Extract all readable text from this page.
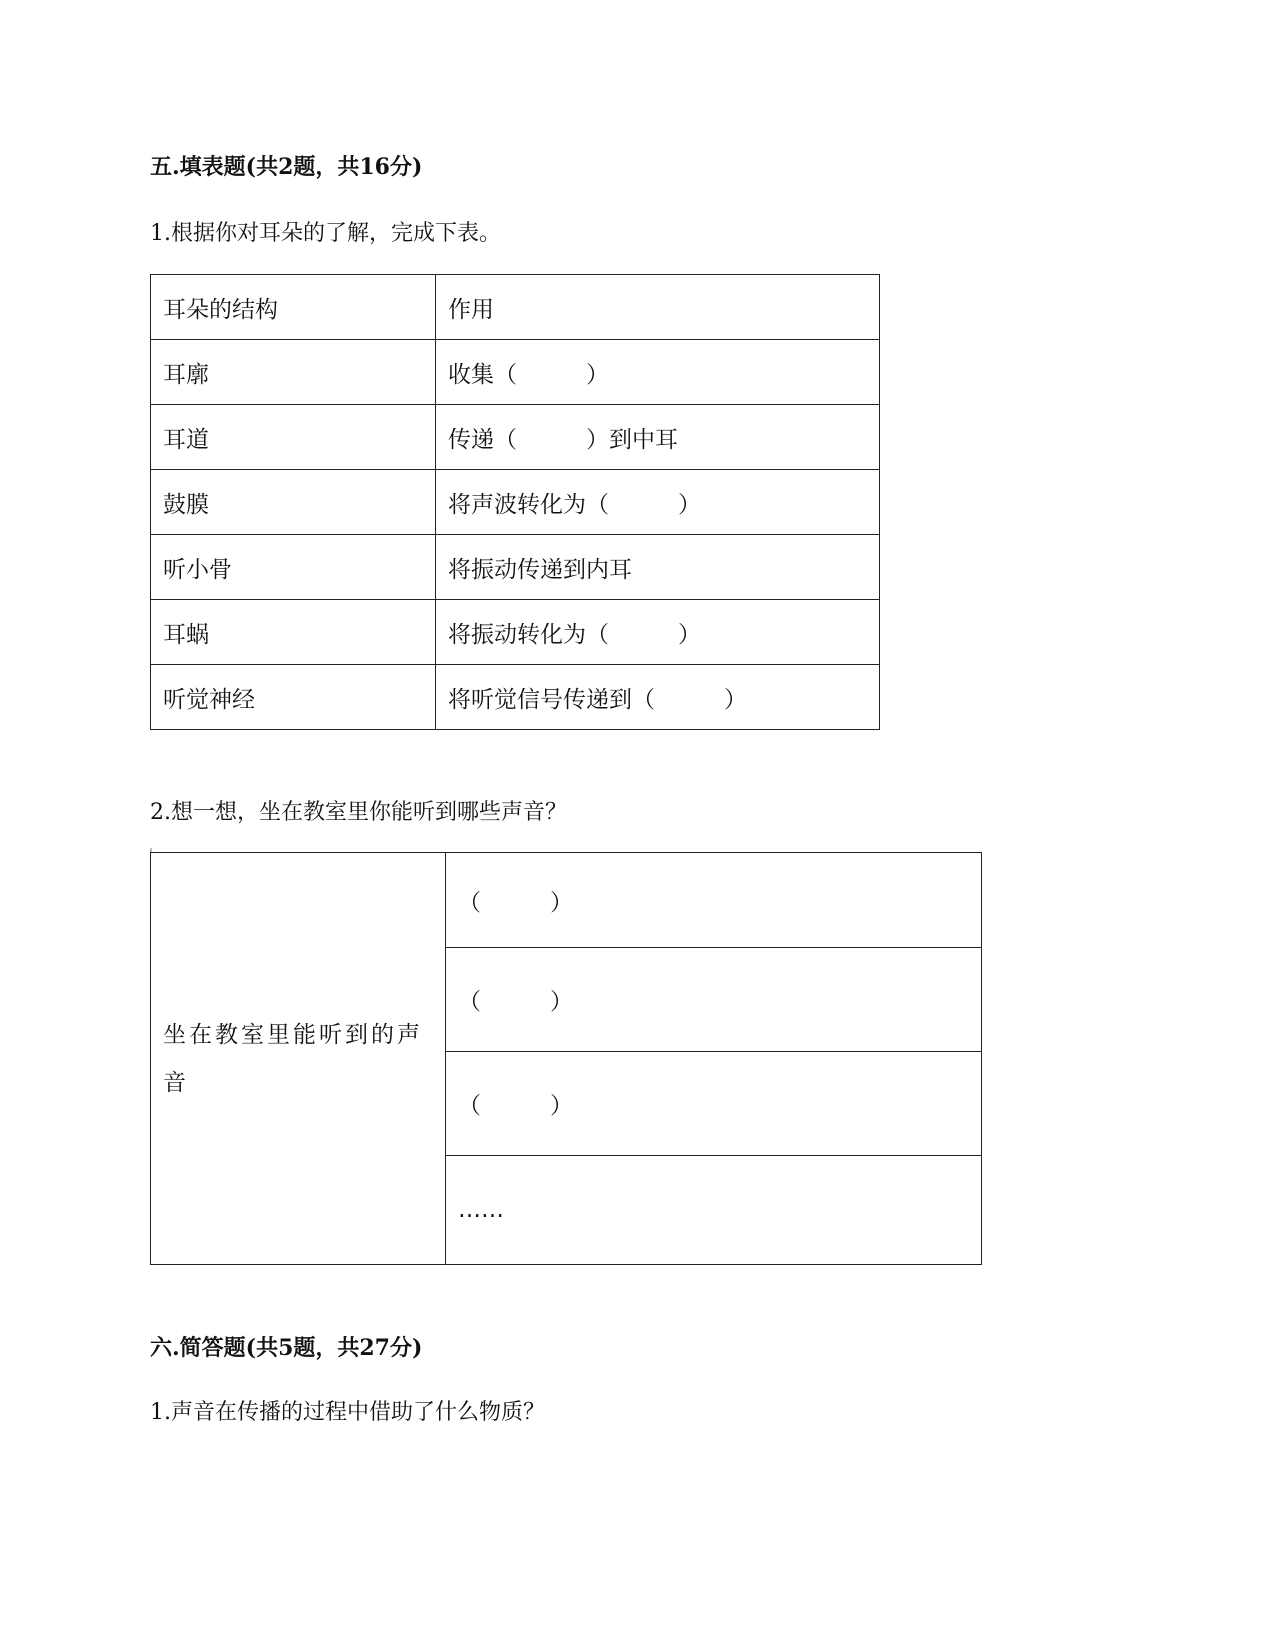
五.填表题(共2题，共16分)
1.根据你对耳朵的了解，完成下表。
耳朵的结构	作用
耳廓	收集（　　　）
耳道	传递（　　　）到中耳
鼓膜	将声波转化为（　　　）
听小骨	将振动传递到内耳
耳蜗	将振动转化为（　　　）
听觉神经	将听觉信号传递到（　　　）
2.想一想，坐在教室里你能听到哪些声音？
坐在教室里能听到的声音	（　　　）
（　　　）
（　　　）
……
六.简答题(共5题，共27分)
1.声音在传播的过程中借助了什么物质？
